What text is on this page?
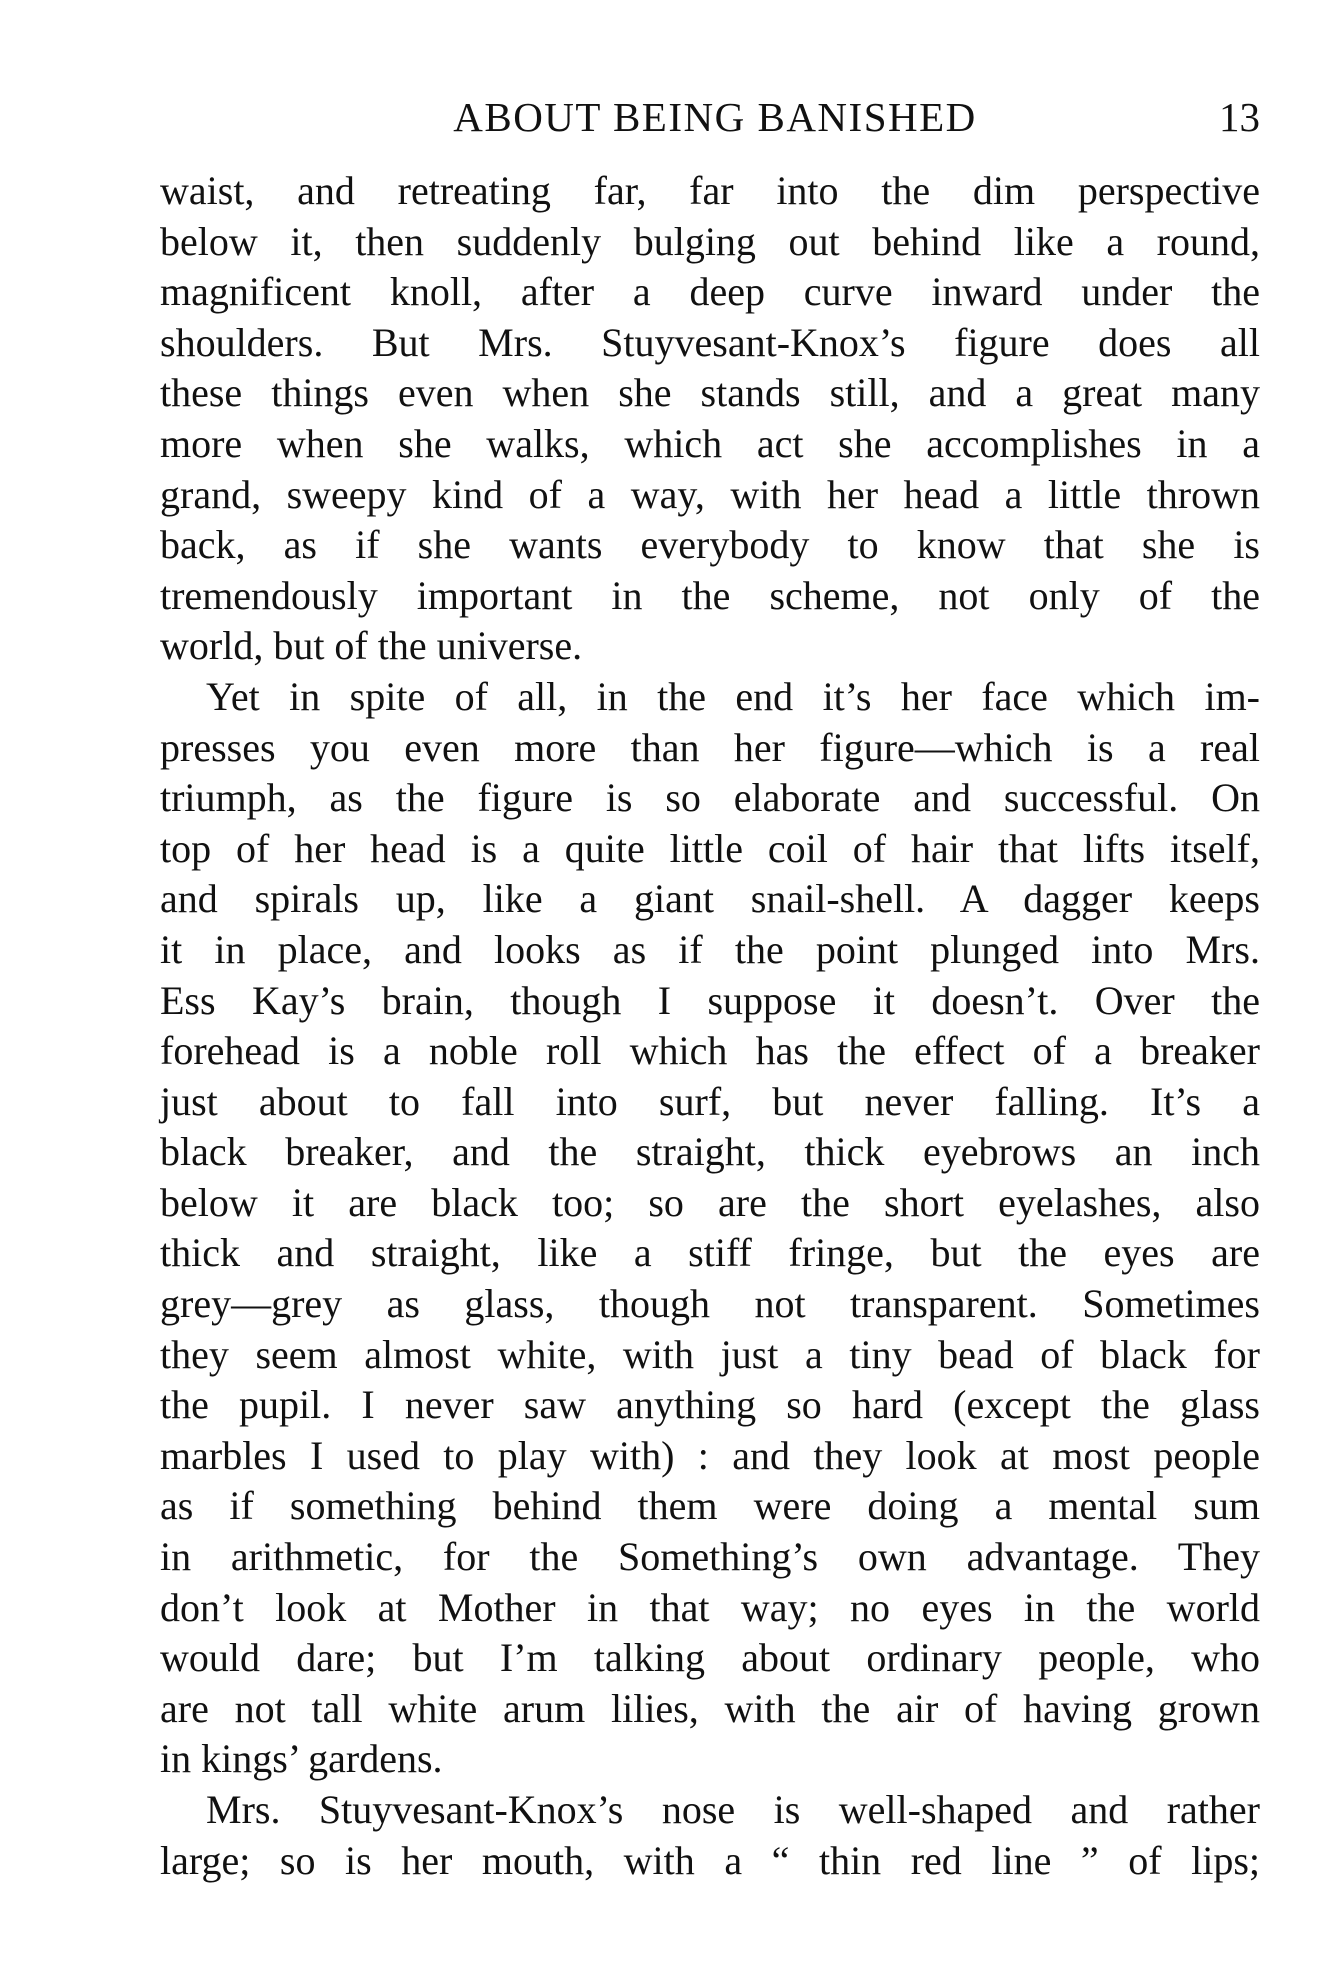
ABOUT BEING BANISHED	13
waist, and retreating far, far into the dim perspective
below it, then suddenly bulging out behind like a round,
magnificent knoll, after a deep curve inward under the
shoulders. But Mrs. Stuyvesant-Knox’s figure does all
these things even when she stands still, and a great many
more when she walks, which act she accomplishes in a
grand, sweepy kind of a way, with her head a little thrown
back, as if she wants everybody to know that she is
tremendously important in the scheme, not only of the
world, but of the universe.
Yet in spite of all, in the end it’s her face which im-
presses you even more than her figure—which is a real
triumph, as the figure is so elaborate and successful. On
top of her head is a quite little coil of hair that lifts itself,
and spirals up, like a giant snail-shell. A dagger keeps
it in place, and looks as if the point plunged into Mrs.
Ess Kay’s brain, though I suppose it doesn’t. Over the
forehead is a noble roll which has the effect of a breaker
just about to fall into surf, but never falling. It’s a
black breaker, and the straight, thick eyebrows an inch
below it are black too; so are the short eyelashes, also
thick and straight, like a stiff fringe, but the eyes are
grey—grey as glass, though not transparent. Sometimes
they seem almost white, with just a tiny bead of black for
the pupil. I never saw anything so hard (except the glass
marbles I used to play with) : and they look at most people
as if something behind them were doing a mental sum
in arithmetic, for the Something’s own advantage. They
don’t look at Mother in that way; no eyes in the world
would dare; but I’m talking about ordinary people, who
are not tall white arum lilies, with the air of having grown
in kings’ gardens.
Mrs. Stuyvesant-Knox’s nose is well-shaped and rather
large; so is her mouth, with a “ thin red line ” of lips;
